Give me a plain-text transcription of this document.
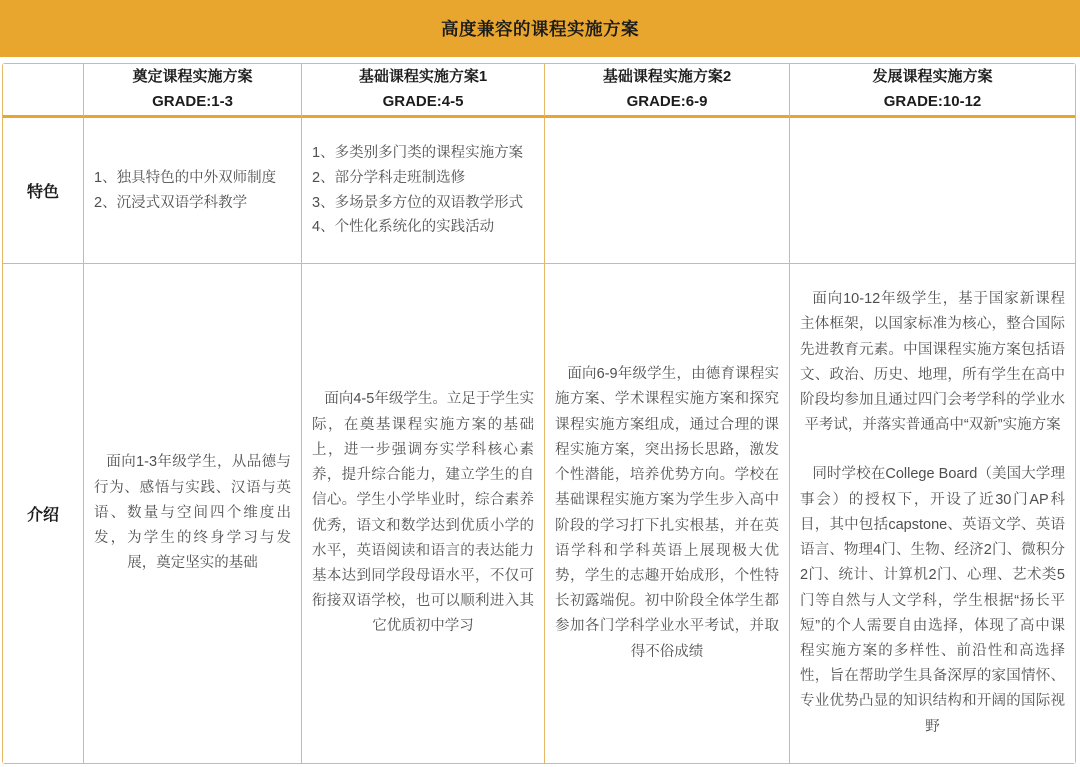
高度兼容的课程实施方案
奠定课程实施方案
GRADE:1-3
基础课程实施方案1
GRADE:4-5
基础课程实施方案2
GRADE:6-9
发展课程实施方案
GRADE:10-12
特色
1、独具特色的中外双师制度
2、沉浸式双语学科教学
1、多类别多门类的课程实施方案
2、部分学科走班制选修
3、多场景多方位的双语教学形式
4、个性化系统化的实践活动
介绍

面向1-3年级学生，从品德与行为、感悟与实践、汉语与英语、数量与空间四个维度出发，为学生的终身学习与发展，奠定坚实的基础

面向4-5年级学生。立足于学生实际，在奠基课程实施方案的基础上，进一步强调夯实学科核心素养，提升综合能力，建立学生的自信心。学生小学毕业时，综合素养优秀，语文和数学达到优质小学的水平，英语阅读和语言的表达能力基本达到同学段母语水平，不仅可衔接双语学校，也可以顺利进入其它优质初中学习

面向6-9年级学生，由德育课程实施方案、学术课程实施方案和探究课程实施方案组成，通过合理的课程实施方案，突出扬长思路，激发个性潜能，培养优势方向。学校在基础课程实施方案为学生步入高中阶段的学习打下扎实根基，并在英语学科和学科英语上展现极大优势，学生的志趣开始成形，个性特长初露端倪。初中阶段全体学生都参加各门学科学业水平考试，并取得不俗成绩

面向10-12年级学生，基于国家新课程主体框架，以国家标准为核心，整合国际先进教育元素。中国课程实施方案包括语文、政治、历史、地理，所有学生在高中阶段均参加且通过四门会考学科的学业水平考试，并落实普通高中“双新”实施方案

同时学校在College Board（美国大学理事会）的授权下，开设了近30门AP科目，其中包括capstone、英语文学、英语语言、物理4门、生物、经济2门、微积分2门、统计、计算机2门、心理、艺术类5门等自然与人文学科，学生根据“扬长平短”的个人需要自由选择，体现了高中课程实施方案的多样性、前沿性和高选择性，旨在帮助学生具备深厚的家国情怀、专业优势凸显的知识结构和开阔的国际视野
